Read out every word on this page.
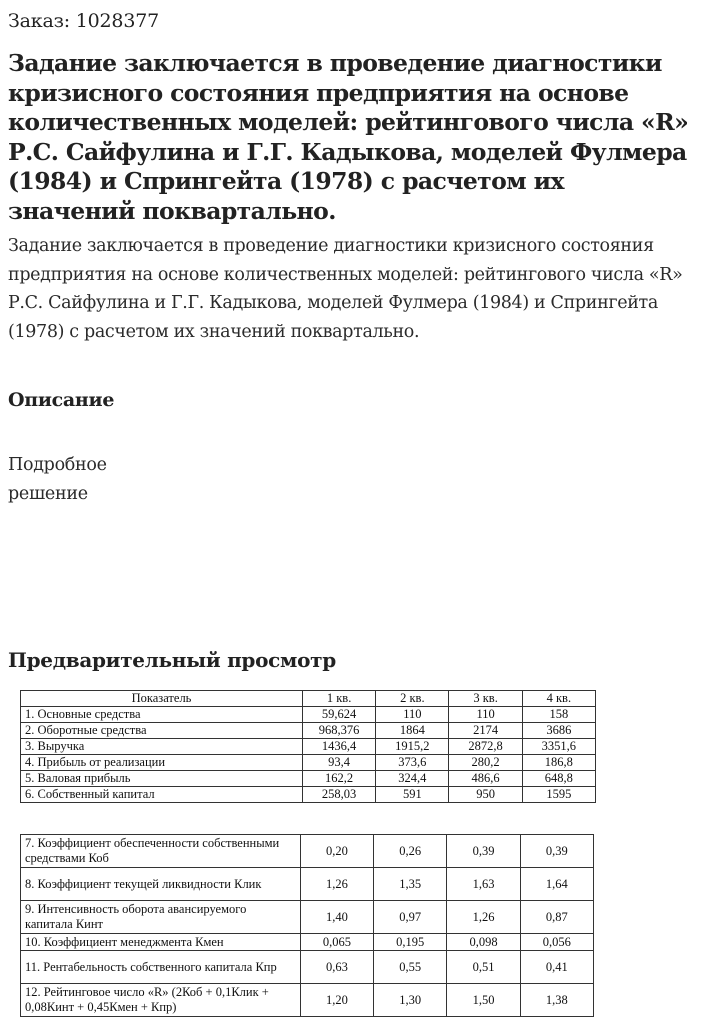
Заказ: 1028377
Задание заключается в проведение диагностики кризисного состояния предприятия на основе количественных моделей: рейтингового числа «R» Р.С. Сайфулина и Г.Г. Кадыкова, моделей Фулмера (1984) и Спрингейта (1978) с расчетом их значений поквартально.

Задание заключается в проведение диагностики кризисного состояния предприятия на основе количественных моделей: рейтингового числа «R» Р.С. Сайфулина и Г.Г. Кадыкова, моделей Фулмера (1984) и Спрингейта (1978) с расчетом их значений поквартально.

Описание

Подробное решение

Предварительный просмотр
Показатель	1 кв.	2 кв.	3 кв.	4 кв.
1. Основные средства	59,624	110	110	158
2. Оборотные средства	968,376	1864	2174	3686
3. Выручка	1436,4	1915,2	2872,8	3351,6
4. Прибыль от реализации	93,4	373,6	280,2	186,8
5. Валовая прибыль	162,2	324,4	486,6	648,8
6. Собственный капитал	258,03	591	950	1595
7. Коэффициент обеспеченности собственными средствами Коб	0,20	0,26	0,39	0,39
8. Коэффициент текущей ликвидности Клик	1,26	1,35	1,63	1,64
9. Интенсивность оборота авансируемого капитала Кинт	1,40	0,97	1,26	0,87
10. Коэффициент менеджмента Кмен	0,065	0,195	0,098	0,056
11. Рентабельность собственного капитала Кпр	0,63	0,55	0,51	0,41
12. Рейтинговое число «R» (2Коб + 0,1Клик + 0,08Кинт + 0,45Кмен + Кпр)	1,20	1,30	1,50	1,38
